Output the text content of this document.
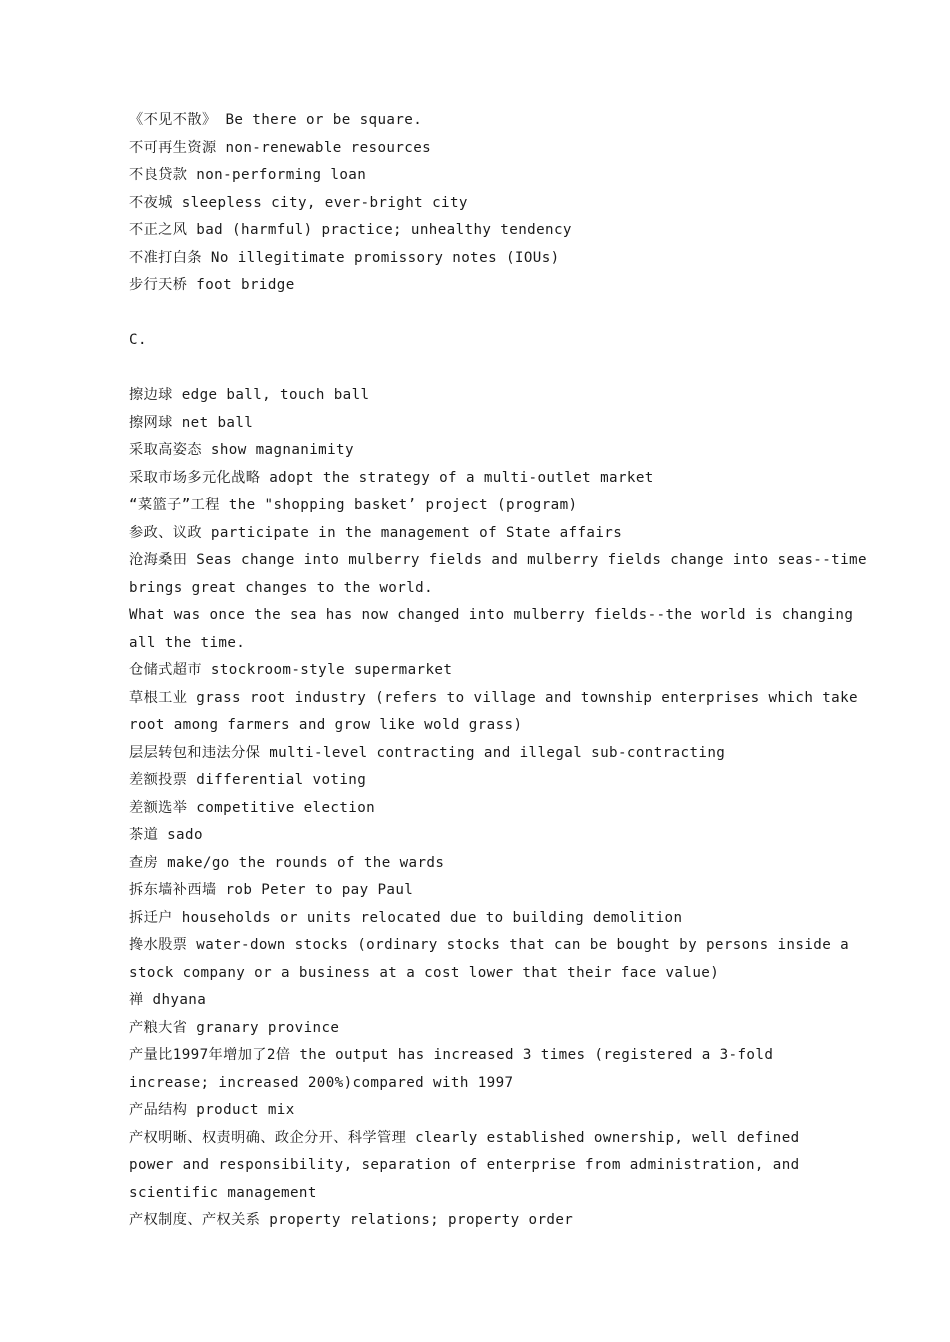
《不见不散》 Be there or be square.
不可再生资源 non-renewable resources
不良贷款 non-performing loan
不夜城 sleepless city, ever-bright city
不正之风 bad (harmful) practice; unhealthy tendency
不准打白条 No illegitimate promissory notes (IOUs)
步行天桥 foot bridge
C.
擦边球 edge ball, touch ball
擦网球 net ball
采取高姿态 show magnanimity
采取市场多元化战略 adopt the strategy of a multi-outlet market
“菜篮子”工程 the "shopping basket’ project (program)
参政、议政 participate in the management of State affairs
沧海桑田 Seas change into mulberry fields and mulberry fields change into seas--time
brings great changes to the world.
What was once the sea has now changed into mulberry fields--the world is changing
all the time.
仓储式超市 stockroom-style supermarket
草根工业 grass root industry (refers to village and township enterprises which take
root among farmers and grow like wold grass)
层层转包和违法分保 multi-level contracting and illegal sub-contracting
差额投票 differential voting
差额选举 competitive election
茶道 sado
查房 make/go the rounds of the wards
拆东墙补西墙 rob Peter to pay Paul
拆迁户 households or units relocated due to building demolition
搀水股票 water-down stocks (ordinary stocks that can be bought by persons inside a
stock company or a business at a cost lower that their face value)
禅 dhyana
产粮大省 granary province
产量比1997年增加了2倍 the output has increased 3 times (registered a 3-fold
increase; increased 200%)compared with 1997
产品结构 product mix
产权明晰、权责明确、政企分开、科学管理 clearly established ownership, well defined
power and responsibility, separation of enterprise from administration, and
scientific management
产权制度、产权关系 property relations; property order
